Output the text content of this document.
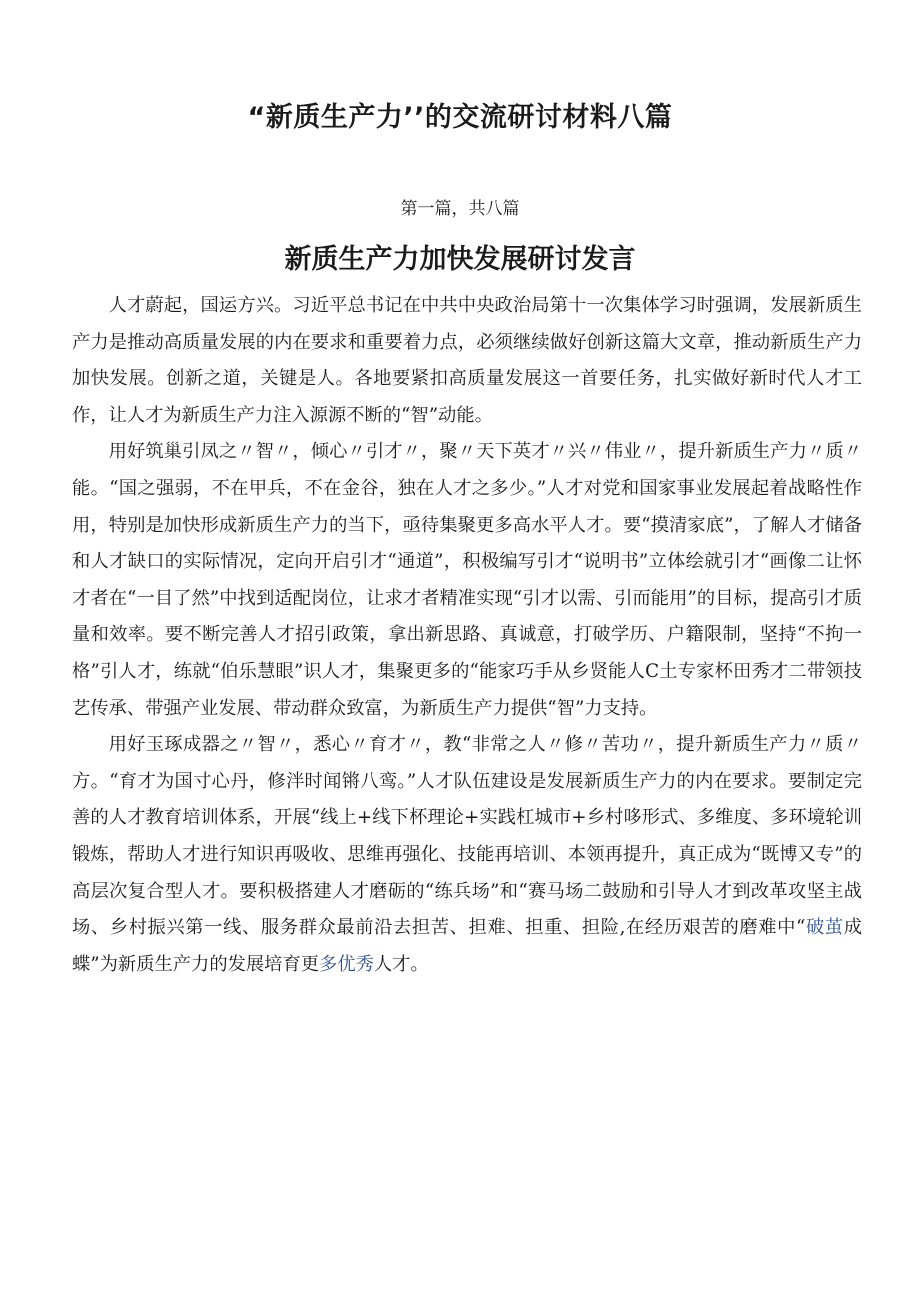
“新质生产力’’的交流研讨材料八篇

第一篇，共八篇

新质生产力加快发展研讨发言

人才蔚起，国运方兴。习近平总书记在中共中央政治局第十一次集体学习时强调，发展新质生产力是推动高质量发展的内在要求和重要着力点，必须继续做好创新这篇大文章，推动新质生产力加快发展。创新之道，关键是人。各地要紧扣高质量发展这一首要任务，扎实做好新时代人才工作，让人才为新质生产力注入源源不断的“智”动能。

用好筑巢引凤之〃智〃，倾心〃引才〃，聚〃天下英才〃兴〃伟业〃，提升新质生产力〃质〃能。“国之强弱，不在甲兵，不在金谷，独在人才之多少。”人才对党和国家事业发展起着战略性作用，特别是加快形成新质生产力的当下，亟待集聚更多高水平人才。要“摸清家底”，了解人才储备和人才缺口的实际情况，定向开启引才“通道”，积极编写引才“说明书”立体绘就引才“画像二让怀才者在“一目了然”中找到适配岗位，让求才者精准实现“引才以需、引而能用”的目标，提高引才质量和效率。要不断完善人才招引政策，拿出新思路、真诚意，打破学历、户籍限制，坚持“不拘一格”引人才，练就“伯乐慧眼”识人才，集聚更多的“能家巧手从乡贤能人C土专家杯田秀才二带领技艺传承、带强产业发展、带动群众致富，为新质生产力提供“智”力支持。

用好玉琢成器之〃智〃，悉心〃育才〃，教“非常之人〃修〃苦功〃，提升新质生产力〃质〃方。“育才为国寸心丹，修泮时闻锵八鸾。”人才队伍建设是发展新质生产力的内在要求。要制定完善的人才教育培训体系，开展“线上+线下杯理论+实践杠城市+乡村哆形式、多维度、多环境轮训锻炼，帮助人才进行知识再吸收、思维再强化、技能再培训、本领再提升，真正成为“既博又专”的高层次复合型人才。要积极搭建人才磨砺的“练兵场”和“赛马场二鼓励和引导人才到改革攻坚主战场、乡村振兴第一线、服务群众最前沿去担苦、担难、担重、担险,在经历艰苦的磨难中“破茧成蝶”为新质生产力的发展培育更多优秀人才。
